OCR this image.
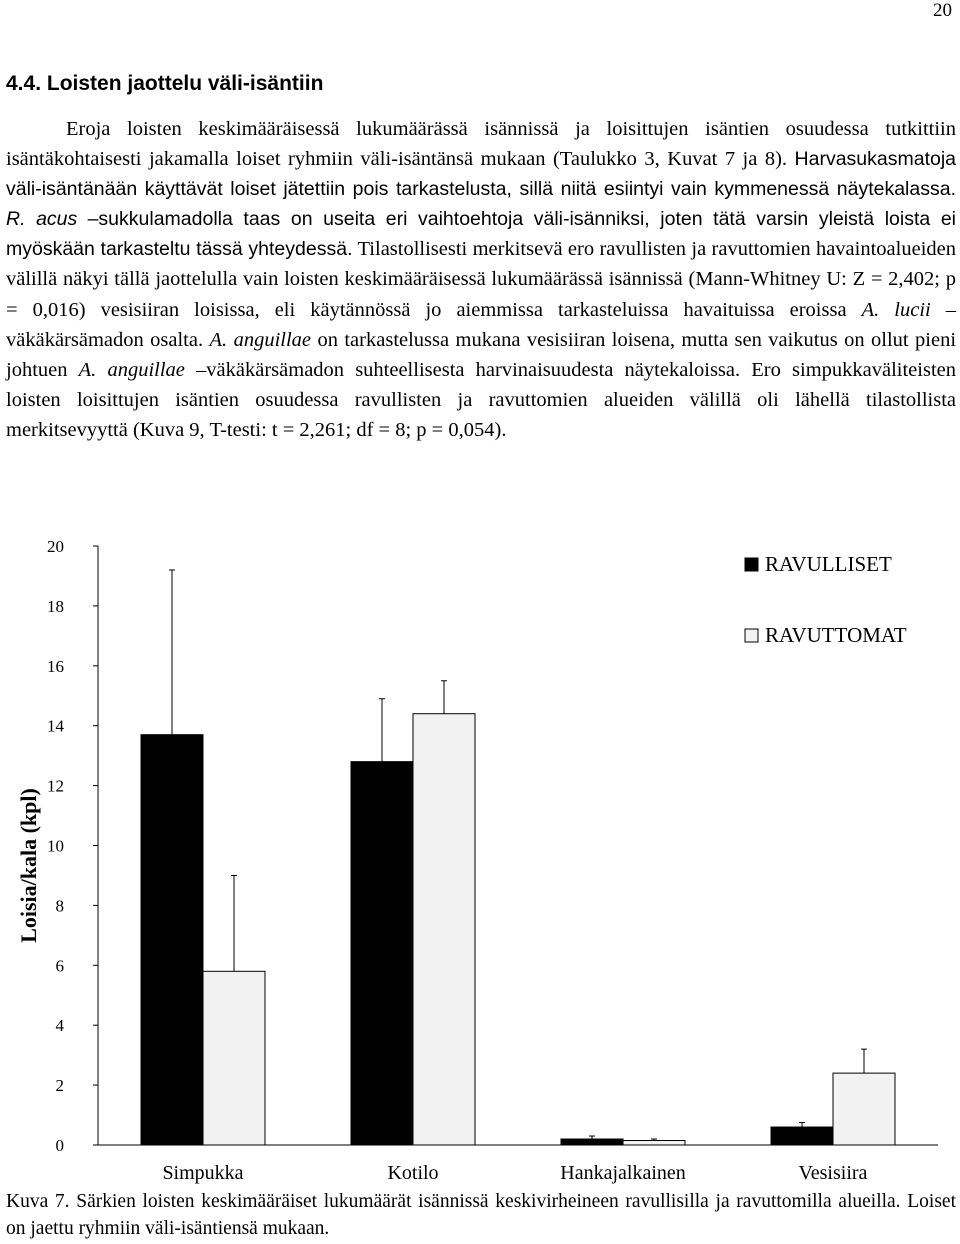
20
4.4. Loisten jaottelu väli-isäntiin
Eroja loisten keskimääräisessä lukumäärässä isännissä ja loisittujen isäntien osuudessa tutkittiin isäntäkohtaisesti jakamalla loiset ryhmiin väli-isäntänsä mukaan (Taulukko 3, Kuvat 7 ja 8). Harvasukasmatoja väli-isäntänään käyttävät loiset jätettiin pois tarkastelusta, sillä niitä esiintyi vain kymmenessä näytekalassa. R. acus –sukkulamadolla taas on useita eri vaihtoehtoja väli-isänniksi, joten tätä varsin yleistä loista ei myöskään tarkasteltu tässä yhteydessä. Tilastollisesti merkitsevä ero ravullisten ja ravuttomien havaintoalueiden välillä näkyi tällä jaottelulla vain loisten keskimääräisessä lukumäärässä isännissä (Mann-Whitney U: Z = 2,402; p = 0,016) vesisiiran loisissa, eli käytännössä jo aiemmissa tarkasteluissa havaituissa eroissa A. lucii –väkäkärsämadon osalta. A. anguillae on tarkastelussa mukana vesisiiran loisena, mutta sen vaikutus on ollut pieni johtuen A. anguillae –väkäkärsämadon suhteellisesta harvinaisuudesta näytekaloissa. Ero simpukkaväliteisten loisten loisittujen isäntien osuudessa ravullisten ja ravuttomien alueiden välillä oli lähellä tilastollista merkitsevyyttä (Kuva 9, T-testi: t = 2,261; df = 8; p = 0,054).
0
2
4
6
8
10
12
14
16
18
20
Loisia/kala (kpl)
Simpukka	Kotilo	Hankajalkainen	Vesisiira
RAVULLISET
RAVUTTOMAT
Kuva 7. Särkien loisten keskimääräiset lukumäärät isännissä keskivirheineen ravullisilla ja ravuttomilla alueilla. Loiset on jaettu ryhmiin väli-isäntiensä mukaan.
